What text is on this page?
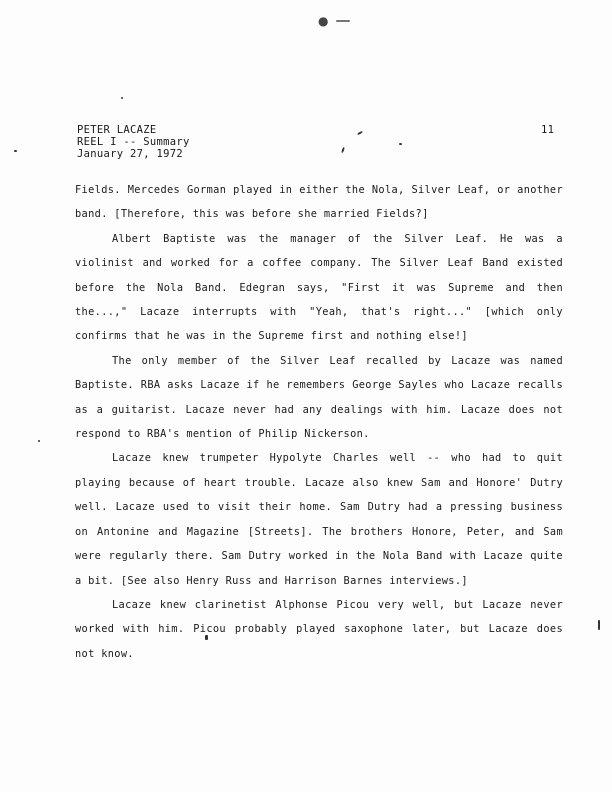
●
PETER LACAZE
REEL I -- Summary
January 27, 1972
11

Fields. Mercedes Gorman played in either the Nola, Silver Leaf, or another band. [Therefore, this was before she married Fields?]

Albert Baptiste was the manager of the Silver Leaf. He was a violinist and worked for a coffee company. The Silver Leaf Band existed before the Nola Band. Edegran says, "First it was Supreme and then the...," Lacaze interrupts with "Yeah, that's right..." [which only confirms that he was in the Supreme first and nothing else!]

The only member of the Silver Leaf recalled by Lacaze was named Baptiste. RBA asks Lacaze if he remembers George Sayles who Lacaze recalls as a guitarist. Lacaze never had any dealings with him. Lacaze does not respond to RBA's mention of Philip Nickerson.

Lacaze knew trumpeter Hypolyte Charles well -- who had to quit playing because of heart trouble. Lacaze also knew Sam and Honore' Dutry well. Lacaze used to visit their home. Sam Dutry had a pressing business on Antonine and Magazine [Streets]. The brothers Honore, Peter, and Sam were regularly there. Sam Dutry worked in the Nola Band with Lacaze quite a bit. [See also Henry Russ and Harrison Barnes interviews.]

Lacaze knew clarinetist Alphonse Picou very well, but Lacaze never worked with him. Picou probably played saxophone later, but Lacaze does not know.
